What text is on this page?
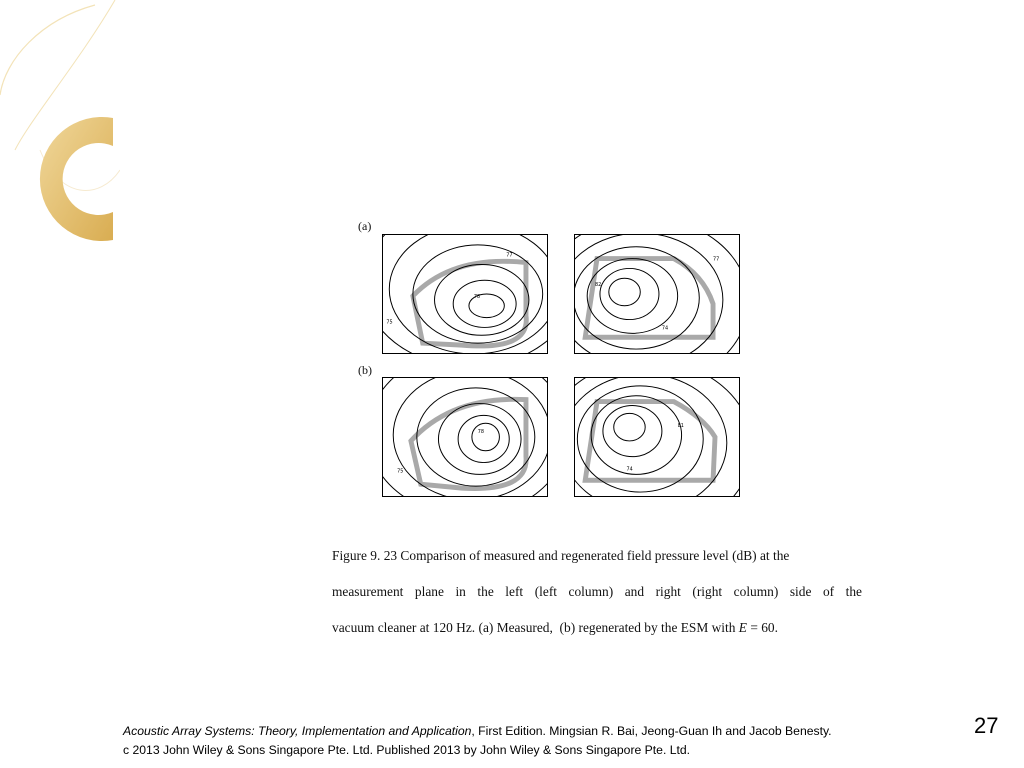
(a)
(b)
78
77
75
82
77
74
78
75
81
74
Figure 9. 23 Comparison of measured and regenerated field pressure level (dB) at the
measurement plane in the left (left column) and right (right column) side of the
vacuum cleaner at 120 Hz. (a) Measured,  (b) regenerated by the ESM with E = 60.
Acoustic Array Systems: Theory, Implementation and Application, First Edition. Mingsian R. Bai, Jeong-Guan Ih and Jacob Benesty.
c 2013 John Wiley & Sons Singapore Pte. Ltd. Published 2013 by John Wiley & Sons Singapore Pte. Ltd.
27
